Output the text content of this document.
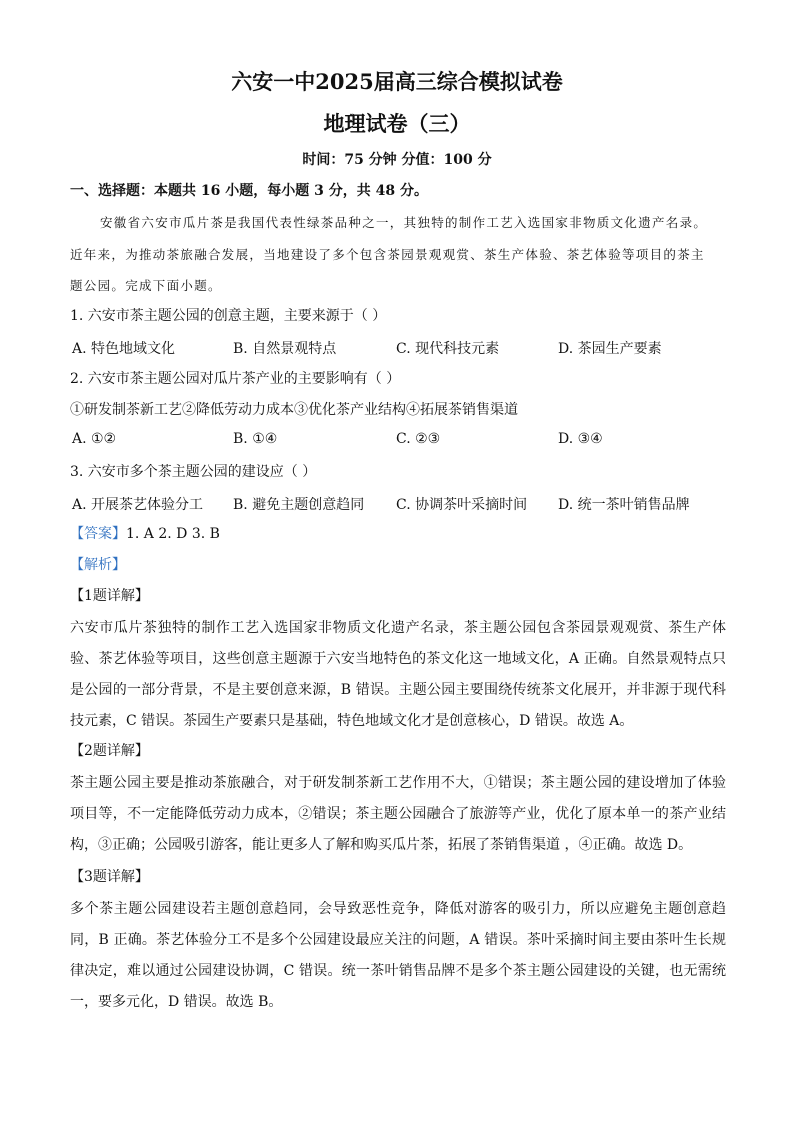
六安一中2025届高三综合模拟试卷
地理试卷（三）
时间：75 分钟 分值：100 分
一、选择题：本题共 16 小题，每小题 3 分，共 48 分。
安徽省六安市瓜片茶是我国代表性绿茶品种之一，其独特的制作工艺入选国家非物质文化遗产名录。
近年来，为推动茶旅融合发展，当地建设了多个包含茶园景观观赏、茶生产体验、茶艺体验等项目的茶主
题公园。完成下面小题。
1. 六安市茶主题公园的创意主题，主要来源于（ ）
A. 特色地域文化	B. 自然景观特点	C. 现代科技元素	D. 茶园生产要素
2. 六安市茶主题公园对瓜片茶产业的主要影响有（ ）
①研发制茶新工艺②降低劳动力成本③优化茶产业结构④拓展茶销售渠道
A. ①②	B. ①④	C. ②③	D. ③④
3. 六安市多个茶主题公园的建设应（ ）
A. 开展茶艺体验分工 B. 避免主题创意趋同 C. 协调茶叶采摘时间 D. 统一茶叶销售品牌
【答案】1. A 2. D 3. B
【解析】
【1题详解】
六安市瓜片茶独特的制作工艺入选国家非物质文化遗产名录，茶主题公园包含茶园景观观赏、茶生产体验、茶艺体验等项目，这些创意主题源于六安当地特色的茶文化这一地域文化，A 正确。自然景观特点只是公园的一部分背景，不是主要创意来源，B 错误。主题公园主要围绕传统茶文化展开，并非源于现代科技元素，C 错误。茶园生产要素只是基础，特色地域文化才是创意核心，D 错误。故选 A。
【2题详解】
茶主题公园主要是推动茶旅融合，对于研发制茶新工艺作用不大，①错误；茶主题公园的建设增加了体验项目等，不一定能降低劳动力成本，②错误；茶主题公园融合了旅游等产业，优化了原本单一的茶产业结构，③正确；公园吸引游客，能让更多人了解和购买瓜片茶，拓展了茶销售渠道 ，④正确。故选 D。
【3题详解】
多个茶主题公园建设若主题创意趋同，会导致恶性竞争，降低对游客的吸引力，所以应避免主题创意趋同，B 正确。茶艺体验分工不是多个公园建设最应关注的问题，A 错误。茶叶采摘时间主要由茶叶生长规律决定，难以通过公园建设协调，C 错误。统一茶叶销售品牌不是多个茶主题公园建设的关键，也无需统一，要多元化，D 错误。故选 B。
